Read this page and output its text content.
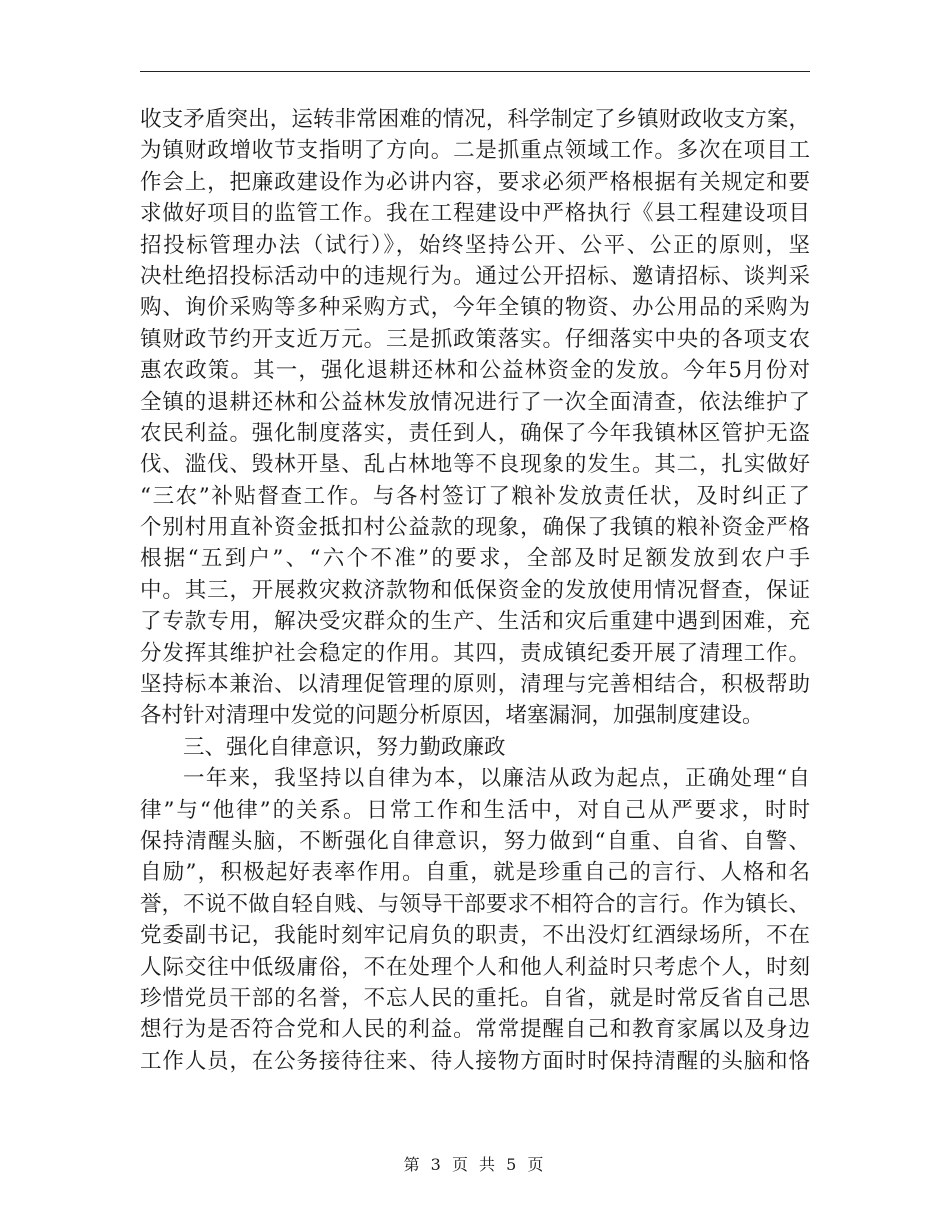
收支矛盾突出，运转非常困难的情况，科学制定了乡镇财政收支方案，
为镇财政增收节支指明了方向。二是抓重点领域工作。多次在项目工
作会上，把廉政建设作为必讲内容，要求必须严格根据有关规定和要
求做好项目的监管工作。我在工程建设中严格执行《县工程建设项目
招投标管理办法（试行）》，始终坚持公开、公平、公正的原则，坚
决杜绝招投标活动中的违规行为。通过公开招标、邀请招标、谈判采
购、询价采购等多种采购方式，今年全镇的物资、办公用品的采购为
镇财政节约开支近万元。三是抓政策落实。仔细落实中央的各项支农
惠农政策。其一，强化退耕还林和公益林资金的发放。今年5月份对
全镇的退耕还林和公益林发放情况进行了一次全面清查，依法维护了
农民利益。强化制度落实，责任到人，确保了今年我镇林区管护无盗
伐、滥伐、毁林开垦、乱占林地等不良现象的发生。其二，扎实做好
“三农”补贴督查工作。与各村签订了粮补发放责任状，及时纠正了
个别村用直补资金抵扣村公益款的现象，确保了我镇的粮补资金严格
根据“五到户”、“六个不准”的要求，全部及时足额发放到农户手
中。其三，开展救灾救济款物和低保资金的发放使用情况督查，保证
了专款专用，解决受灾群众的生产、生活和灾后重建中遇到困难，充
分发挥其维护社会稳定的作用。其四，责成镇纪委开展了清理工作。
坚持标本兼治、以清理促管理的原则，清理与完善相结合，积极帮助
各村针对清理中发觉的问题分析原因，堵塞漏洞，加强制度建设。
三、强化自律意识，努力勤政廉政
一年来，我坚持以自律为本，以廉洁从政为起点，正确处理“自
律”与“他律”的关系。日常工作和生活中，对自己从严要求，时时
保持清醒头脑，不断强化自律意识，努力做到“自重、自省、自警、
自励”，积极起好表率作用。自重，就是珍重自己的言行、人格和名
誉，不说不做自轻自贱、与领导干部要求不相符合的言行。作为镇长、
党委副书记，我能时刻牢记肩负的职责，不出没灯红酒绿场所，不在
人际交往中低级庸俗，不在处理个人和他人利益时只考虑个人，时刻
珍惜党员干部的名誉，不忘人民的重托。自省，就是时常反省自己思
想行为是否符合党和人民的利益。常常提醒自己和教育家属以及身边
工作人员，在公务接待往来、待人接物方面时时保持清醒的头脑和恪
第 3 页 共 5 页
